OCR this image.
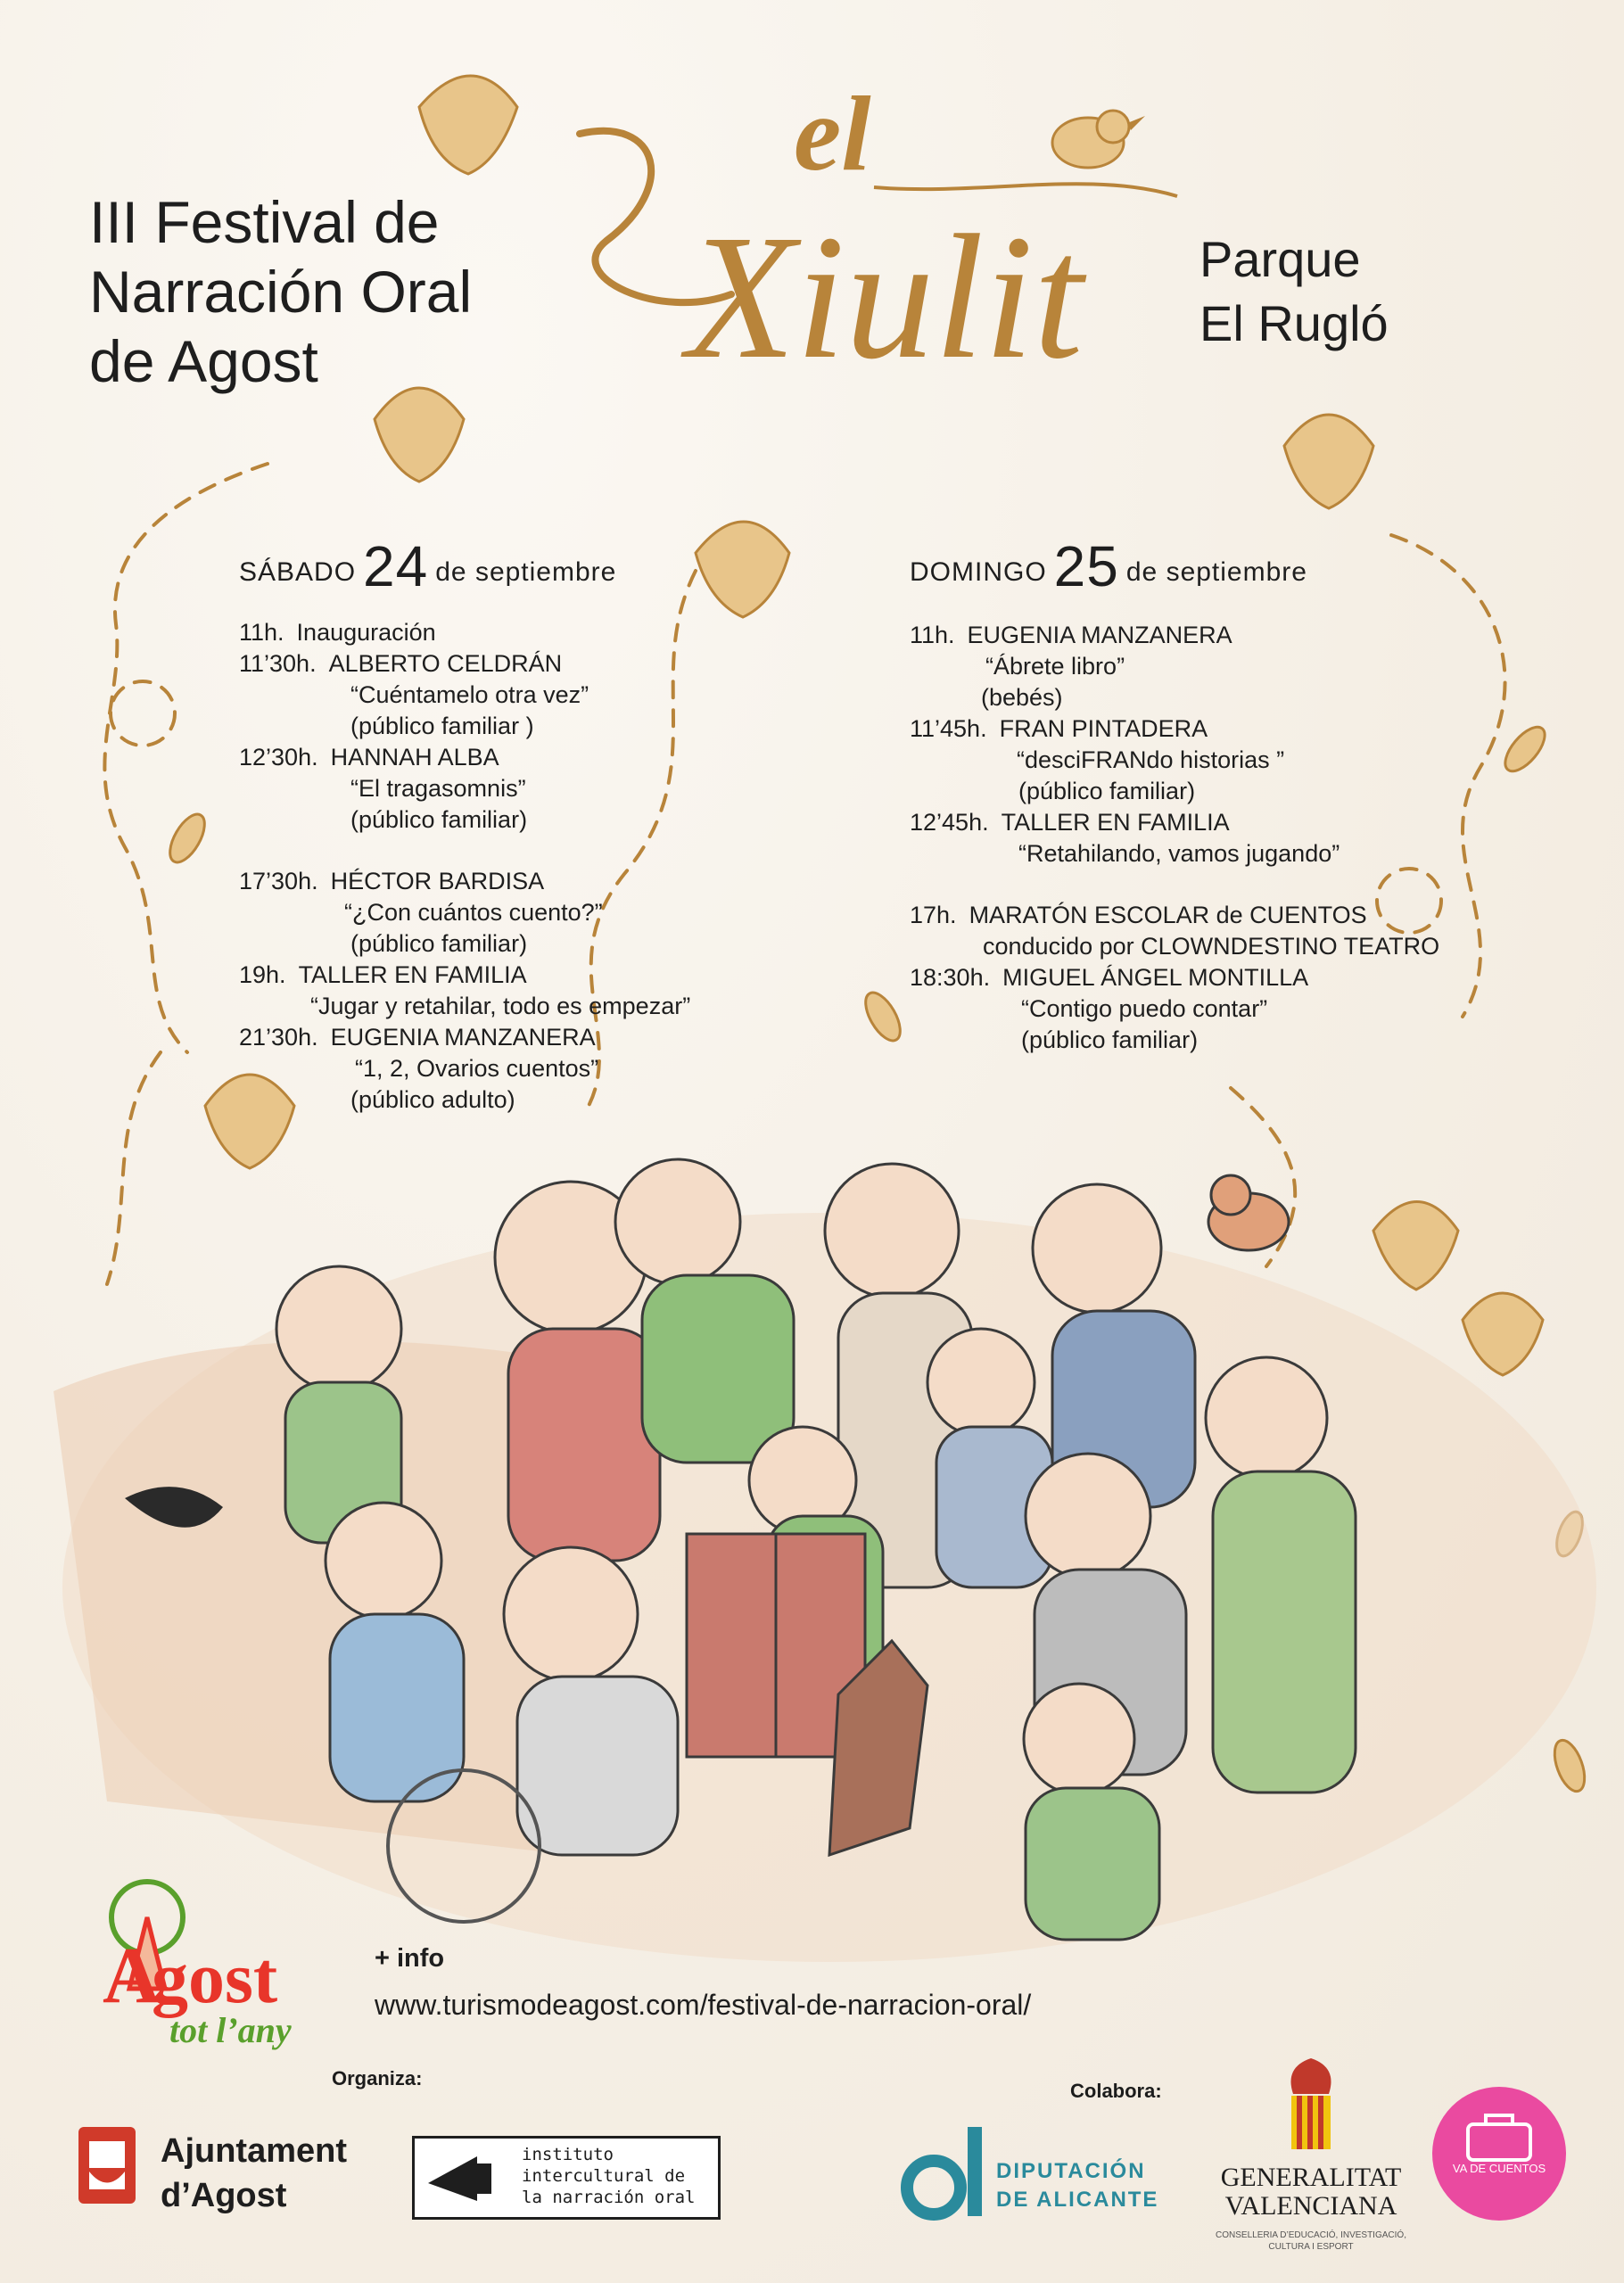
III Festival de
Narración Oral
de Agost
el
Xiulit Parque
El Rugló
SÁBADO 24 de septiembre
11h. Inauguración
11’30h. ALBERTO CELDRÁN
“Cuéntamelo otra vez”
(público familiar )
12’30h. HANNAH ALBA
“El tragasomnis”
(público familiar)
17’30h. HÉCTOR BARDISA
“¿Con cuántos cuento?”
(público familiar)
19h. TALLER EN FAMILIA
“Jugar y retahilar, todo es empezar”
21’30h. EUGENIA MANZANERA
“1, 2, Ovarios cuentos”
(público adulto)
DOMINGO 25 de septiembre
11h. EUGENIA MANZANERA
“Ábrete libro”
(bebés)
11’45h. FRAN PINTADERA
“desciFRANdo historias ”
(público familiar)
12’45h. TALLER EN FAMILIA
“Retahilando, vamos jugando”
17h. MARATÓN ESCOLAR de CUENTOS
conducido por CLOWNDESTINO TEATRO
18:30h. MIGUEL ÁNGEL MONTILLA
“Contigo puedo contar”
(público familiar)
A
gost
tot l’any
+ info
www.turismodeagost.com/festival-de-narracion-oral/
Organiza:
Colabora:
Ajuntament
d’Agost
instituto
intercultural de
la narración oral
DIPUTACIÓN
DE ALICANTE
GENERALITAT
VALENCIANA
CONSELLERIA D’EDUCACIÓ, INVESTIGACIÓ,
CULTURA I ESPORT
VA DE CUENTOS
